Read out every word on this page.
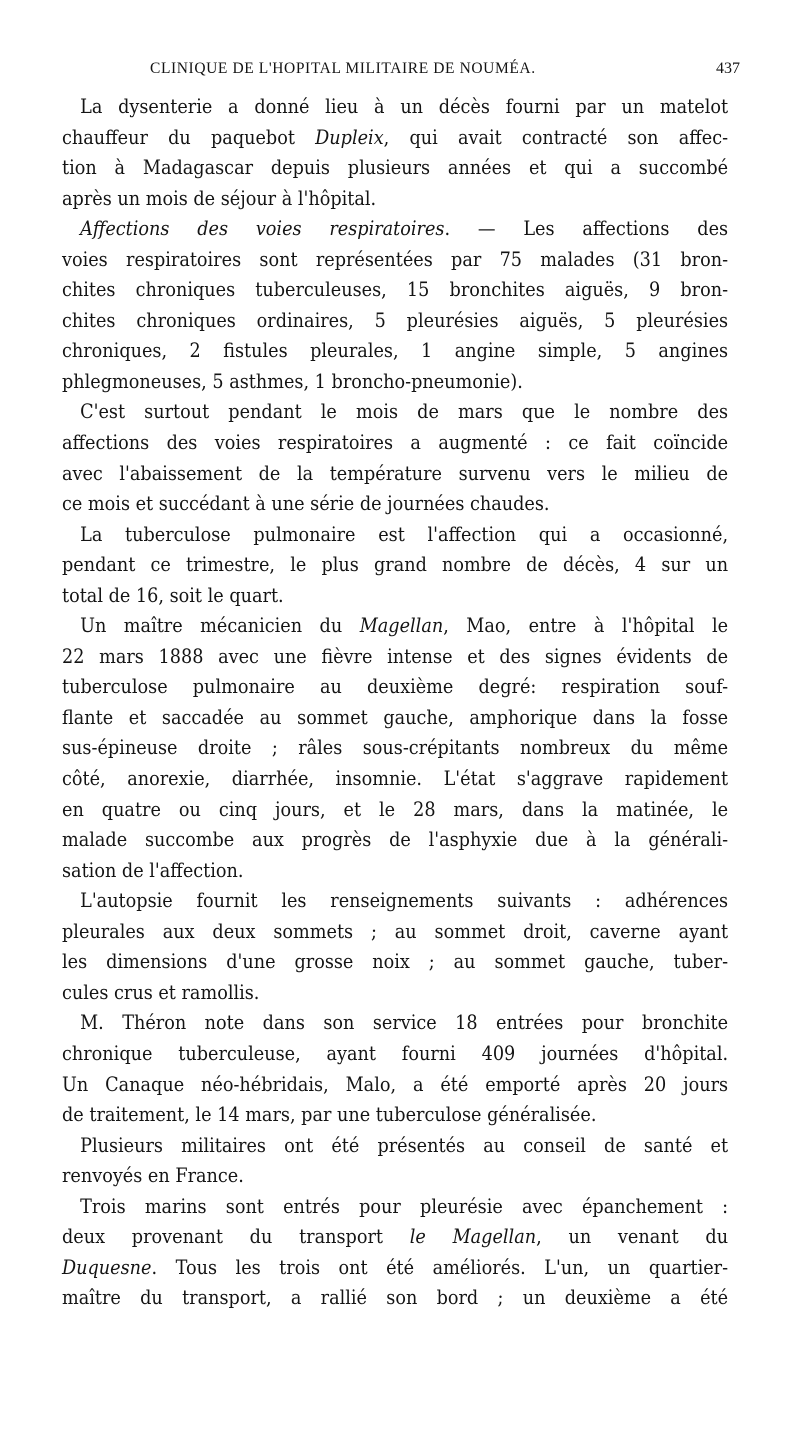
CLINIQUE DE L'HOPITAL MILITAIRE DE NOUMÉA.	437
La dysenterie a donné lieu à un décès fourni par un matelot
chauffeur du paquebot Dupleix, qui avait contracté son affec-
tion à Madagascar depuis plusieurs années et qui a succombé
après un mois de séjour à l'hôpital.
Affections des voies respiratoires. — Les affections des
voies respiratoires sont représentées par 75 malades (31 bron-
chites chroniques tuberculeuses, 15 bronchites aiguës, 9 bron-
chites chroniques ordinaires, 5 pleurésies aiguës, 5 pleurésies
chroniques, 2 fistules pleurales, 1 angine simple, 5 angines
phlegmoneuses, 5 asthmes, 1 broncho-pneumonie).
C'est surtout pendant le mois de mars que le nombre des
affections des voies respiratoires a augmenté : ce fait coïncide
avec l'abaissement de la température survenu vers le milieu de
ce mois et succédant à une série de journées chaudes.
La tuberculose pulmonaire est l'affection qui a occasionné,
pendant ce trimestre, le plus grand nombre de décès, 4 sur un
total de 16, soit le quart.
Un maître mécanicien du Magellan, Mao, entre à l'hôpital le
22 mars 1888 avec une fièvre intense et des signes évidents de
tuberculose pulmonaire au deuxième degré: respiration souf-
flante et saccadée au sommet gauche, amphorique dans la fosse
sus-épineuse droite ; râles sous-crépitants nombreux du même
côté, anorexie, diarrhée, insomnie. L'état s'aggrave rapidement
en quatre ou cinq jours, et le 28 mars, dans la matinée, le
malade succombe aux progrès de l'asphyxie due à la générali-
sation de l'affection.
L'autopsie fournit les renseignements suivants : adhérences
pleurales aux deux sommets ; au sommet droit, caverne ayant
les dimensions d'une grosse noix ; au sommet gauche, tuber-
cules crus et ramollis.
M. Théron note dans son service 18 entrées pour bronchite
chronique tuberculeuse, ayant fourni 409 journées d'hôpital.
Un Canaque néo-hébridais, Malo, a été emporté après 20 jours
de traitement, le 14 mars, par une tuberculose généralisée.
Plusieurs militaires ont été présentés au conseil de santé et
renvoyés en France.
Trois marins sont entrés pour pleurésie avec épanchement :
deux provenant du transport le Magellan, un venant du
Duquesne. Tous les trois ont été améliorés. L'un, un quartier-
maître du transport, a rallié son bord ; un deuxième a été
